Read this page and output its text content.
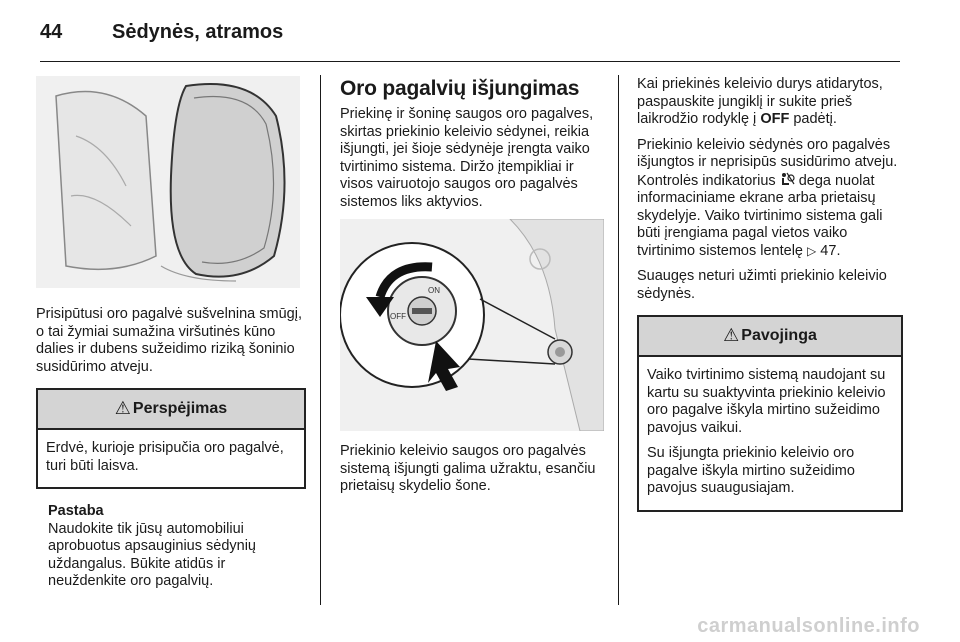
44	Sėdynės, atramos

Prisipūtusi oro pagalvė sušvelnina smūgį, o tai žymiai sumažina viršutinės kūno dalies ir dubens sužeidimo riziką šoninio susidūrimo atveju.

⚠ Perspėjimas

Erdvė, kurioje prisipučia oro pagalvė, turi būti laisva.

Pastaba
Naudokite tik jūsų automobiliui aprobuotus apsauginius sėdynių uždangalus. Būkite atidūs ir neuždenkite oro pagalvių.
Oro pagalvių išjungimas

Priekinę ir šoninę saugos oro pagalves, skirtas priekinio keleivio sėdynei, reikia išjungti, jei šioje sėdynėje įrengta vaiko tvirtinimo sistema. Diržo įtempikliai ir visos vairuotojo saugos oro pagalvės sistemos liks aktyvios.

ON
OFF

Priekinio keleivio saugos oro pagalvės sistemą išjungti galima užraktu, esančiu prietaisų skydelio šone.

Kai priekinės keleivio durys atidarytos, paspauskite jungiklį ir sukite prieš laikrodžio rodyklę į OFF padėtį.

Priekinio keleivio sėdynės oro pagalvės išjungtos ir neprisipūs susidūrimo atveju. Kontrolės indikatorius  dega nuolat informaciniame ekrane arba prietaisų skydelyje. Vaiko tvirtinimo sistema gali būti įrengiama pagal vietos vaiko tvirtinimo sistemos lentelę ▷ 47.

Suaugęs neturi užimti priekinio keleivio sėdynės.

⚠ Pavojinga

Vaiko tvirtinimo sistemą naudojant su kartu su suaktyvinta priekinio keleivio oro pagalve iškyla mirtino sužeidimo pavojus vaikui.

Su išjungta priekinio keleivio oro pagalve iškyla mirtino sužeidimo pavojus suaugusiajam.

carmanualsonline.info
